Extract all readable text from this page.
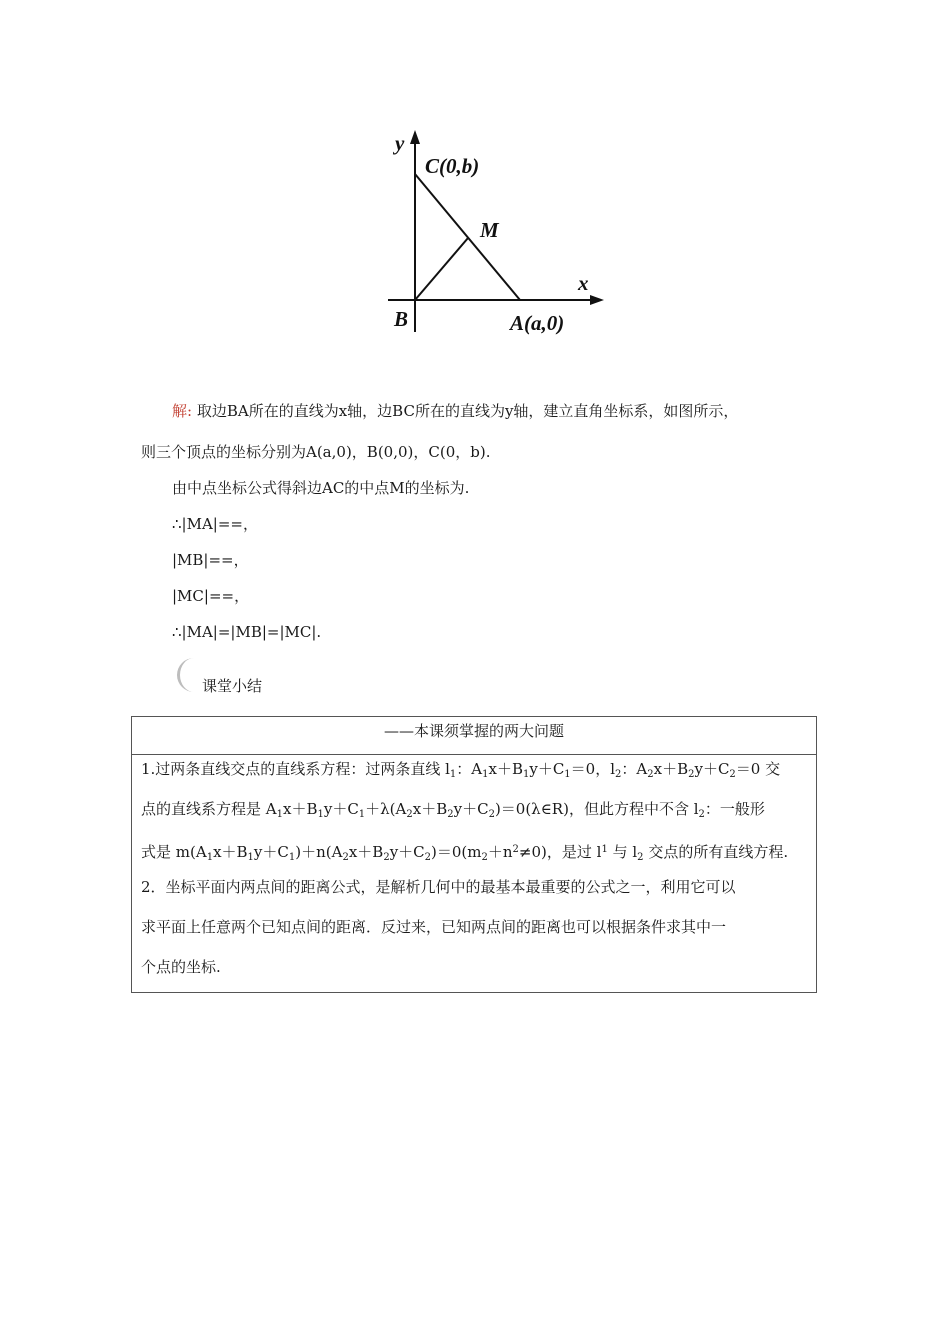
y
C(0,b)
M
x
B	A(a,0)
解: 取边BA所在的直线为x轴，边BC所在的直线为y轴，建立直角坐标系，如图所示，
则三个顶点的坐标分别为A(a,0)，B(0,0)，C(0，b).
由中点坐标公式得斜边AC的中点M的坐标为.
∴|MA|==，
|MB|==，
|MC|==，
∴|MA|=|MB|=|MC|.
课堂小结
——本课须掌握的两大问题
1.过两条直线交点的直线系方程：过两条直线 $l_1$：$A_1x+B_1y+C_1=0$，$l_2$：$A_2x+B_2y+C_2=0$ 交
点的直线系方程是 $A_1x+B_1y+C_1+\lambda(A_2x+B_2y+C_2)=0(\lambda\in R)$，但此方程中不含 $l_2$：一般形
式是 $m(A_1x+B_1y+C_1)+n(A_2x+B_2y+C_2)=0(m_2+n^2\ne 0)$，是过 $l^1$ 与 $l_2$ 交点的所有直线方程.
2．坐标平面内两点间的距离公式，是解析几何中的最基本最重要的公式之一，利用它可以
求平面上任意两个已知点间的距离．反过来，已知两点间的距离也可以根据条件求其中一
个点的坐标.
